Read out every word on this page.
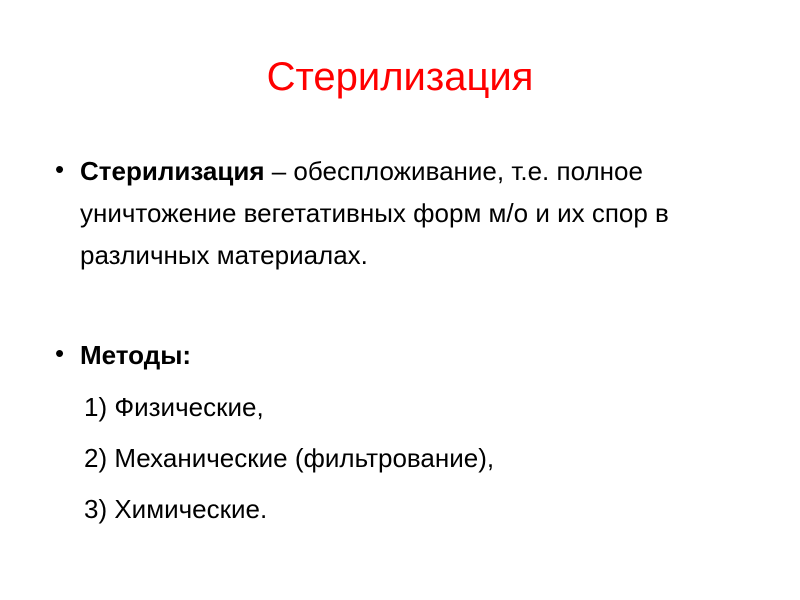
Стерилизация
• Стерилизация – обеспложивание, т.е. полное уничтожение вегетативных форм м/о и их спор в различных материалах.
• Методы:
1) Физические,
2) Механические (фильтрование),
3) Химические.
